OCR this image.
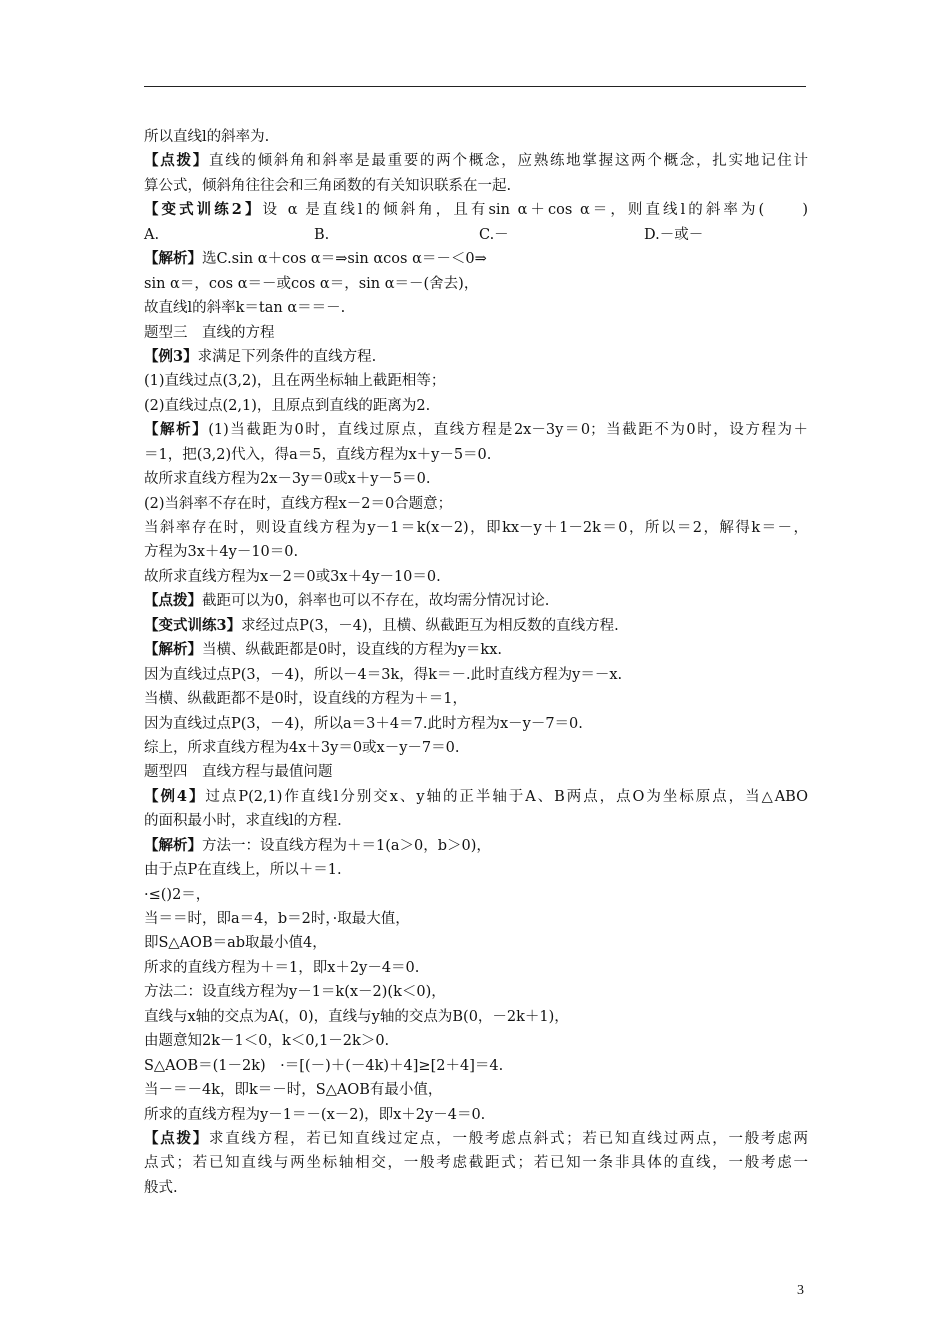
所以直线l的斜率为.
【点拨】直线的倾斜角和斜率是最重要的两个概念，应熟练地掌握这两个概念，扎实地记住计
算公式，倾斜角往往会和三角函数的有关知识联系在一起.
【变式训练2】设 α 是直线l的倾斜角，且有sin α＋cos α＝，则直线l的斜率为(　　)
A.	B.	C.－	D.－或－
【解析】选C.sin α＋cos α＝⇒sin αcos α＝－＜0⇒
sin α＝，cos α＝－或cos α＝，sin α＝－(舍去)，
故直线l的斜率k＝tan α＝＝－.
题型三　直线的方程
【例3】求满足下列条件的直线方程.
(1)直线过点(3,2)，且在两坐标轴上截距相等；
(2)直线过点(2,1)，且原点到直线的距离为2.
【解析】(1)当截距为0时，直线过原点，直线方程是2x－3y＝0；当截距不为0时，设方程为＋
＝1，把(3,2)代入，得a＝5，直线方程为x＋y－5＝0.
故所求直线方程为2x－3y＝0或x＋y－5＝0.
(2)当斜率不存在时，直线方程x－2＝0合题意；
当斜率存在时，则设直线方程为y－1＝k(x－2)，即kx－y＋1－2k＝0，所以＝2，解得k＝－，
方程为3x＋4y－10＝0.
故所求直线方程为x－2＝0或3x＋4y－10＝0.
【点拨】截距可以为0，斜率也可以不存在，故均需分情况讨论.
【变式训练3】求经过点P(3，－4)，且横、纵截距互为相反数的直线方程.
【解析】当横、纵截距都是0时，设直线的方程为y＝kx.
因为直线过点P(3，－4)，所以－4＝3k，得k＝－.此时直线方程为y＝－x.
当横、纵截距都不是0时，设直线的方程为＋＝1，
因为直线过点P(3，－4)，所以a＝3＋4＝7.此时方程为x－y－7＝0.
综上，所求直线方程为4x＋3y＝0或x－y－7＝0.
题型四　直线方程与最值问题
【例4】过点P(2,1)作直线l分别交x、y轴的正半轴于A、B两点，点O为坐标原点，当△ABO
的面积最小时，求直线l的方程.
【解析】方法一：设直线方程为＋＝1(a＞0，b＞0)，
由于点P在直线上，所以＋＝1.
·≤()2＝，
当＝＝时，即a＝4，b＝2时，·取最大值，
即S△AOB＝ab取最小值4，
所求的直线方程为＋＝1，即x＋2y－4＝0.
方法二：设直线方程为y－1＝k(x－2)(k＜0)，
直线与x轴的交点为A(，0)，直线与y轴的交点为B(0，－2k＋1)，
由题意知2k－1＜0，k＜0,1－2k＞0.
S△AOB＝(1－2k)　·＝[(－)＋(－4k)＋4]≥[2＋4]＝4.
当－＝－4k，即k＝－时，S△AOB有最小值，
所求的直线方程为y－1＝－(x－2)，即x＋2y－4＝0.
【点拨】求直线方程，若已知直线过定点，一般考虑点斜式；若已知直线过两点，一般考虑两
点式；若已知直线与两坐标轴相交，一般考虑截距式；若已知一条非具体的直线，一般考虑一
般式.
3
